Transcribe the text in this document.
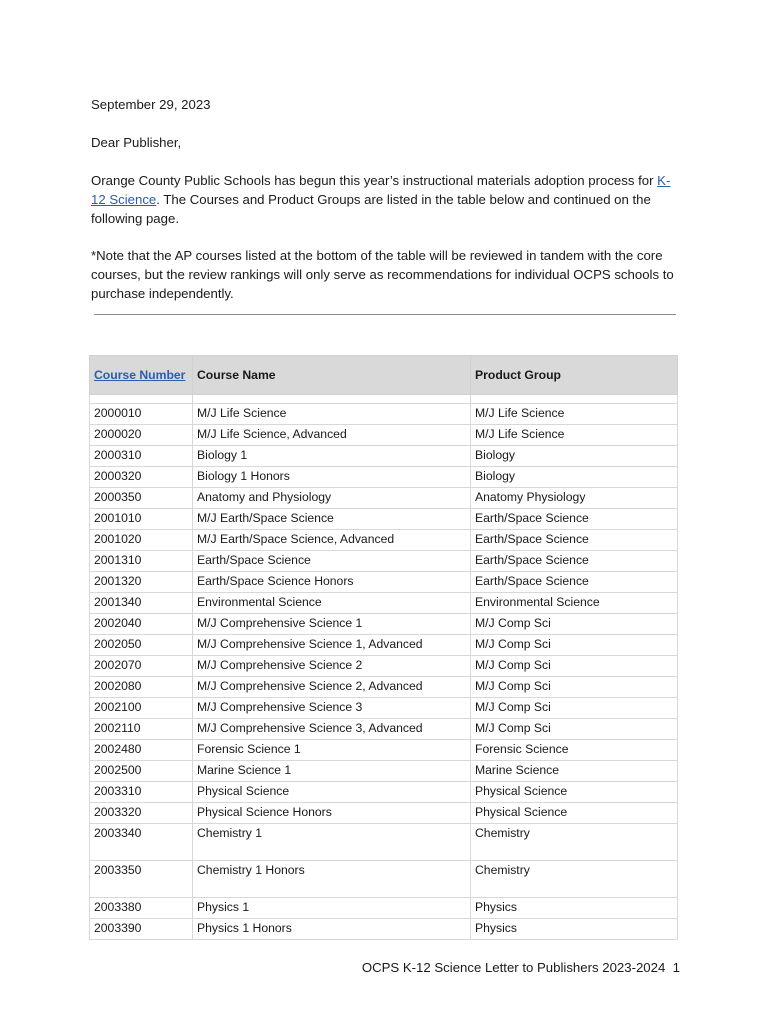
September 29, 2023

Dear Publisher,

Orange County Public Schools has begun this year’s instructional materials adoption process for K-12 Science. The Courses and Product Groups are listed in the table below and continued on the following page.

*Note that the AP courses listed at the bottom of the table will be reviewed in tandem with the core courses, but the review rankings will only serve as recommendations for individual OCPS schools to purchase independently.

Course Number	Course Name	Product Group

2000010	M/J Life Science	M/J Life Science
2000020	M/J Life Science, Advanced	M/J Life Science
2000310	Biology 1	Biology
2000320	Biology 1 Honors	Biology
2000350	Anatomy and Physiology	Anatomy Physiology
2001010	M/J Earth/Space Science	Earth/Space Science
2001020	M/J Earth/Space Science, Advanced	Earth/Space Science
2001310	Earth/Space Science	Earth/Space Science
2001320	Earth/Space Science Honors	Earth/Space Science
2001340	Environmental Science	Environmental Science
2002040	M/J Comprehensive Science 1	M/J Comp Sci
2002050	M/J Comprehensive Science 1, Advanced	M/J Comp Sci
2002070	M/J Comprehensive Science 2	M/J Comp Sci
2002080	M/J Comprehensive Science 2, Advanced	M/J Comp Sci
2002100	M/J Comprehensive Science 3	M/J Comp Sci
2002110	M/J Comprehensive Science 3, Advanced	M/J Comp Sci
2002480	Forensic Science 1	Forensic Science
2002500	Marine Science 1	Marine Science
2003310	Physical Science	Physical Science
2003320	Physical Science Honors	Physical Science
2003340	Chemistry 1	Chemistry
2003350	Chemistry 1 Honors	Chemistry
2003380	Physics 1	Physics
2003390	Physics 1 Honors	Physics
OCPS K-12 Science Letter to Publishers 2023-2024 1
